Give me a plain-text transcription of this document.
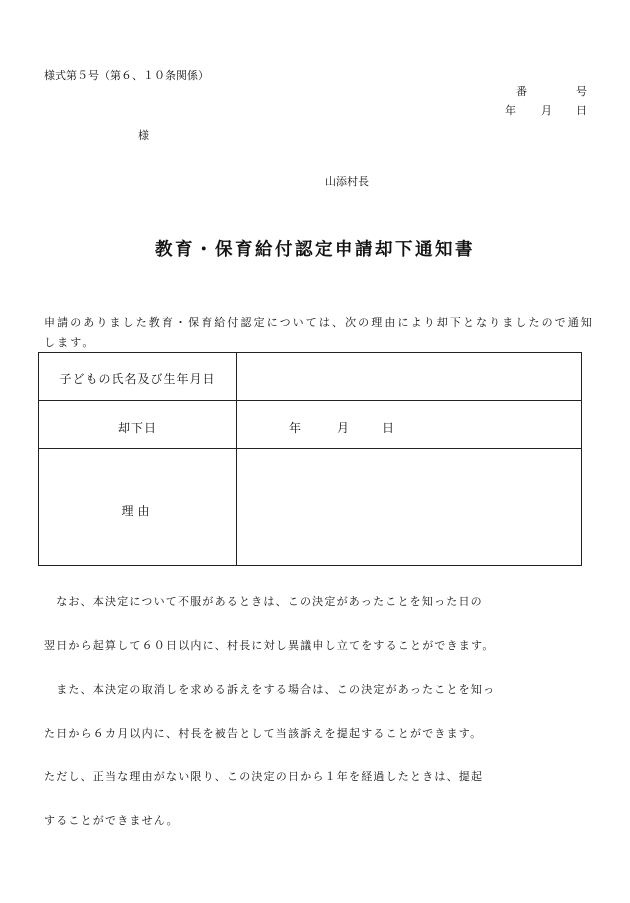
様式第５号（第６、１０条関係）
番	号
年 月 日
様
山添村長
教育・保育給付認定申請却下通知書
申請のありました教育・保育給付認定については、次の理由により却下となりましたので通知します。
子どもの氏名及び生年月日
却下日	年	月	日
理由

　なお、本決定について不服があるときは、この決定があったことを知った日の

翌日から起算して６０日以内に、村長に対し異議申し立てをすることができます。

　また、本決定の取消しを求める訴えをする場合は、この決定があったことを知っ

た日から６カ月以内に、村長を被告として当該訴えを提起することができます。

ただし、正当な理由がない限り、この決定の日から１年を経過したときは、提起

することができません。
